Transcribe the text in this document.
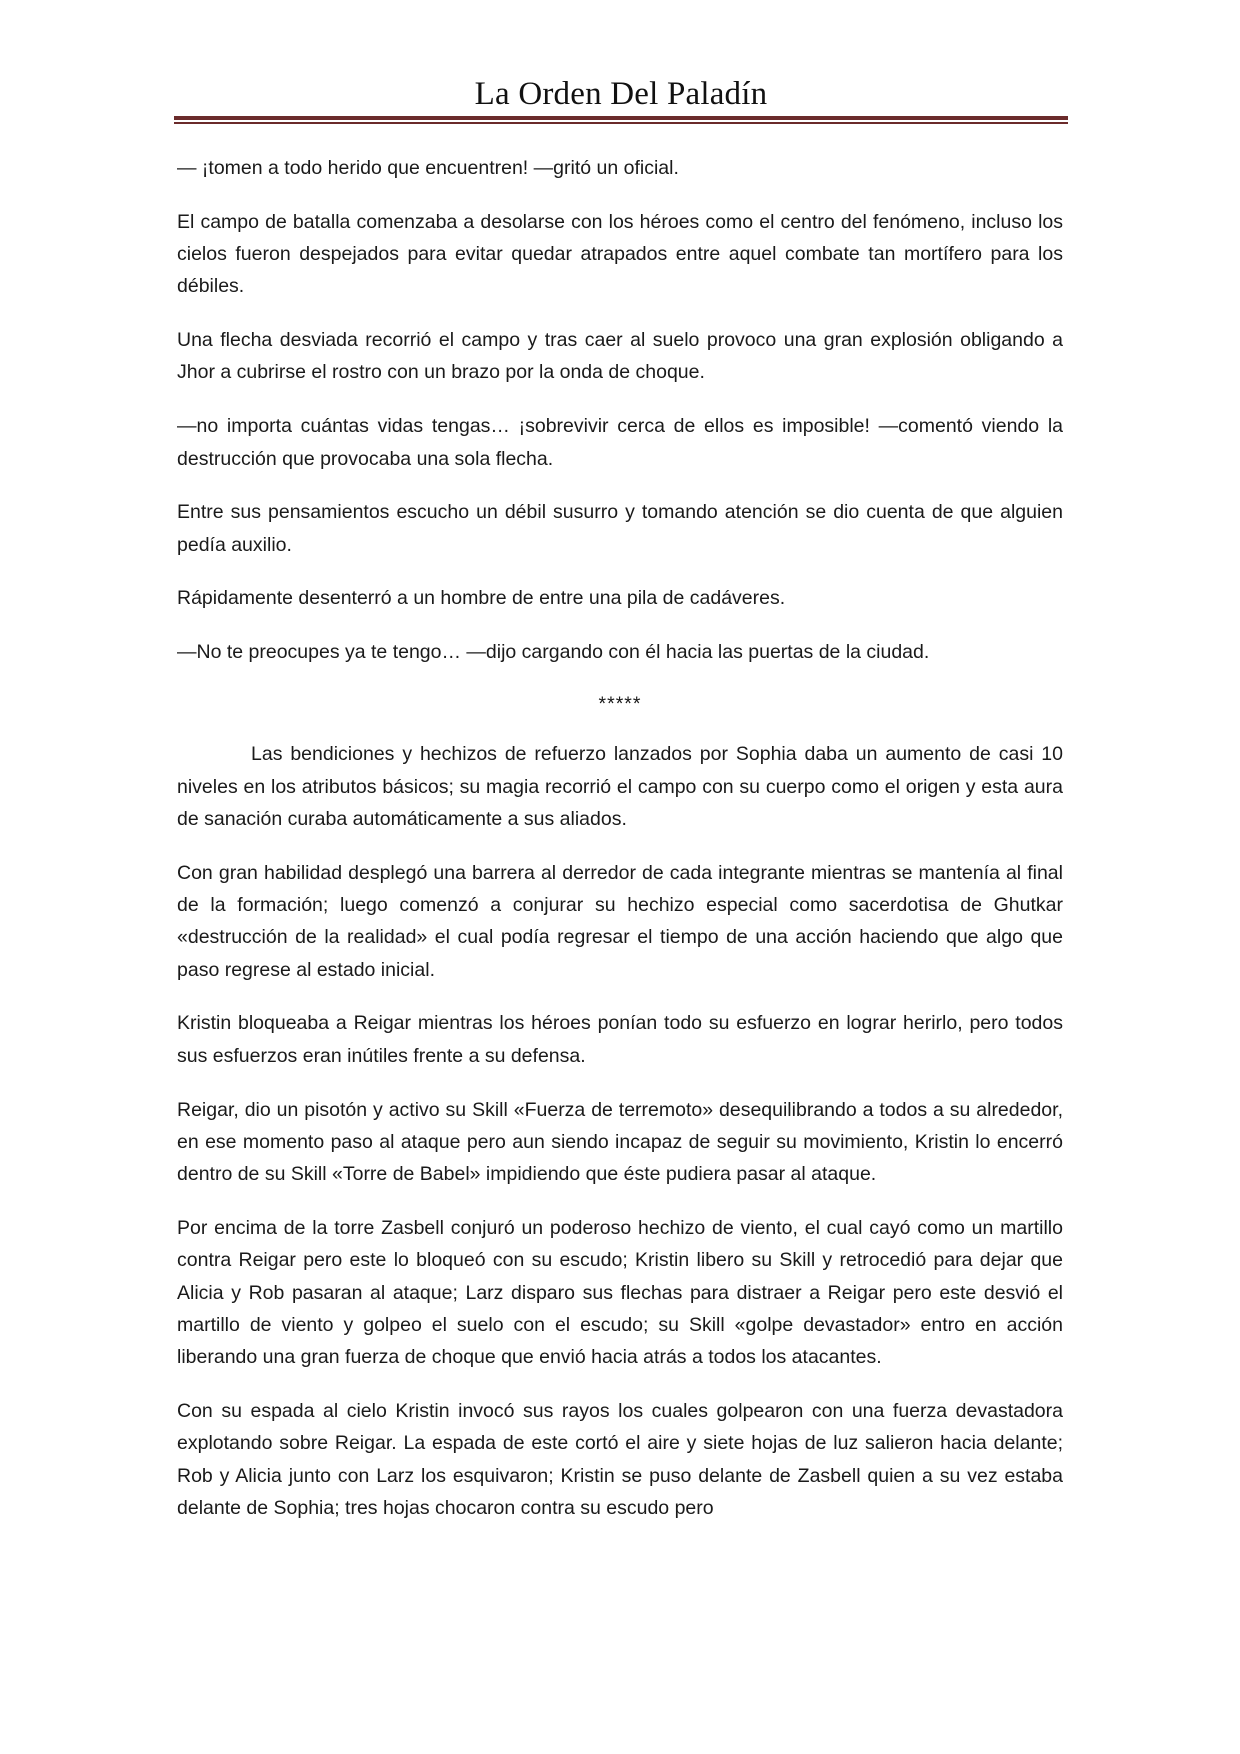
La Orden Del Paladín

— ¡tomen a todo herido que encuentren! —gritó un oficial.

El campo de batalla comenzaba a desolarse con los héroes como el centro del fenómeno, incluso los cielos fueron despejados para evitar quedar atrapados entre aquel combate tan mortífero para los débiles.

Una flecha desviada recorrió el campo y tras caer al suelo provoco una gran explosión obligando a Jhor a cubrirse el rostro con un brazo por la onda de choque.

—no importa cuántas vidas tengas… ¡sobrevivir cerca de ellos es imposible! —comentó viendo la destrucción que provocaba una sola flecha.

Entre sus pensamientos escucho un débil susurro y tomando atención se dio cuenta de que alguien pedía auxilio.

Rápidamente desenterró a un hombre de entre una pila de cadáveres.

—No te preocupes ya te tengo… —dijo cargando con él hacia las puertas de la ciudad.

*****

Las bendiciones y hechizos de refuerzo lanzados por Sophia daba un aumento de casi 10 niveles en los atributos básicos; su magia recorrió el campo con su cuerpo como el origen y esta aura de sanación curaba automáticamente a sus aliados.

Con gran habilidad desplegó una barrera al derredor de cada integrante mientras se mantenía al final de la formación; luego comenzó a conjurar su hechizo especial como sacerdotisa de Ghutkar «destrucción de la realidad» el cual podía regresar el tiempo de una acción haciendo que algo que paso regrese al estado inicial.

Kristin bloqueaba a Reigar mientras los héroes ponían todo su esfuerzo en lograr herirlo, pero todos sus esfuerzos eran inútiles frente a su defensa.

Reigar, dio un pisotón y activo su Skill «Fuerza de terremoto» desequilibrando a todos a su alrededor, en ese momento paso al ataque pero aun siendo incapaz de seguir su movimiento, Kristin lo encerró dentro de su Skill «Torre de Babel» impidiendo que éste pudiera pasar al ataque.

Por encima de la torre Zasbell conjuró un poderoso hechizo de viento, el cual cayó como un martillo contra Reigar pero este lo bloqueó con su escudo; Kristin libero su Skill y retrocedió para dejar que Alicia y Rob pasaran al ataque; Larz disparo sus flechas para distraer a Reigar pero este desvió el martillo de viento y golpeo el suelo con el escudo; su Skill «golpe devastador» entro en acción liberando una gran fuerza de choque que envió hacia atrás a todos los atacantes.

Con su espada al cielo Kristin invocó sus rayos los cuales golpearon con una fuerza devastadora explotando sobre Reigar. La espada de este cortó el aire y siete hojas de luz salieron hacia delante; Rob y Alicia junto con Larz los esquivaron; Kristin se puso delante de Zasbell quien a su vez estaba delante de Sophia; tres hojas chocaron contra su escudo pero
